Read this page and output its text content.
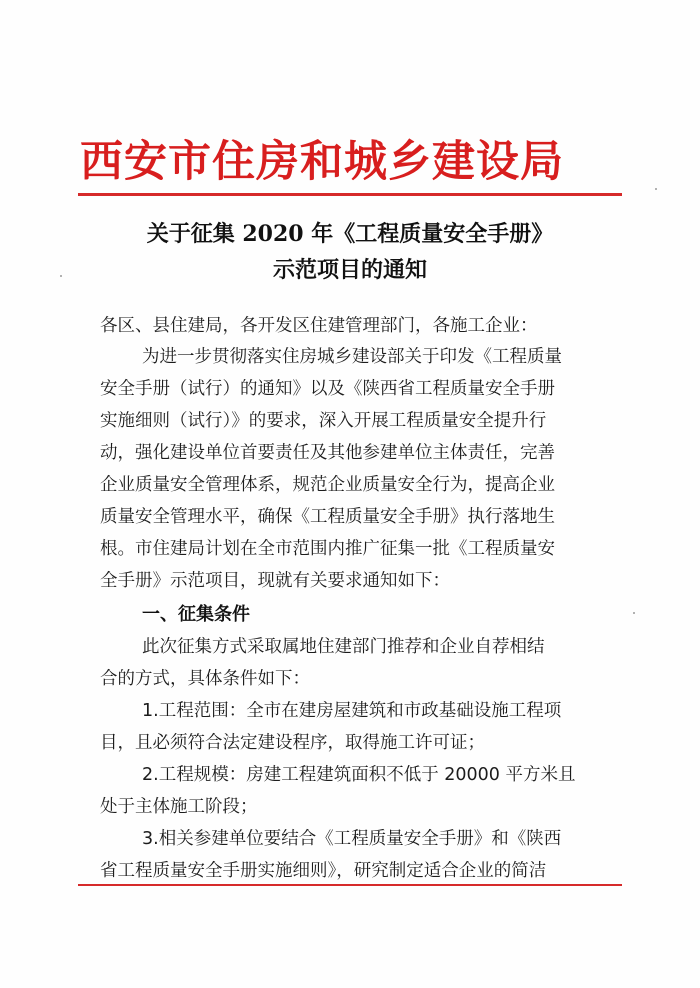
西安市住房和城乡建设局
关于征集 2020 年《工程质量安全手册》
示范项目的通知
各区、县住建局，各开发区住建管理部门，各施工企业：
为进一步贯彻落实住房城乡建设部关于印发《工程质量
安全手册（试行）的通知》以及《陕西省工程质量安全手册
实施细则（试行）》的要求，深入开展工程质量安全提升行
动，强化建设单位首要责任及其他参建单位主体责任，完善
企业质量安全管理体系，规范企业质量安全行为，提高企业
质量安全管理水平，确保《工程质量安全手册》执行落地生
根。市住建局计划在全市范围内推广征集一批《工程质量安
全手册》示范项目，现就有关要求通知如下：
一、征集条件
此次征集方式采取属地住建部门推荐和企业自荐相结
合的方式，具体条件如下：
1.工程范围：全市在建房屋建筑和市政基础设施工程项
目，且必须符合法定建设程序，取得施工许可证；
2.工程规模：房建工程建筑面积不低于 20000 平方米且
处于主体施工阶段；
3.相关参建单位要结合《工程质量安全手册》和《陕西
省工程质量安全手册实施细则》，研究制定适合企业的简洁
